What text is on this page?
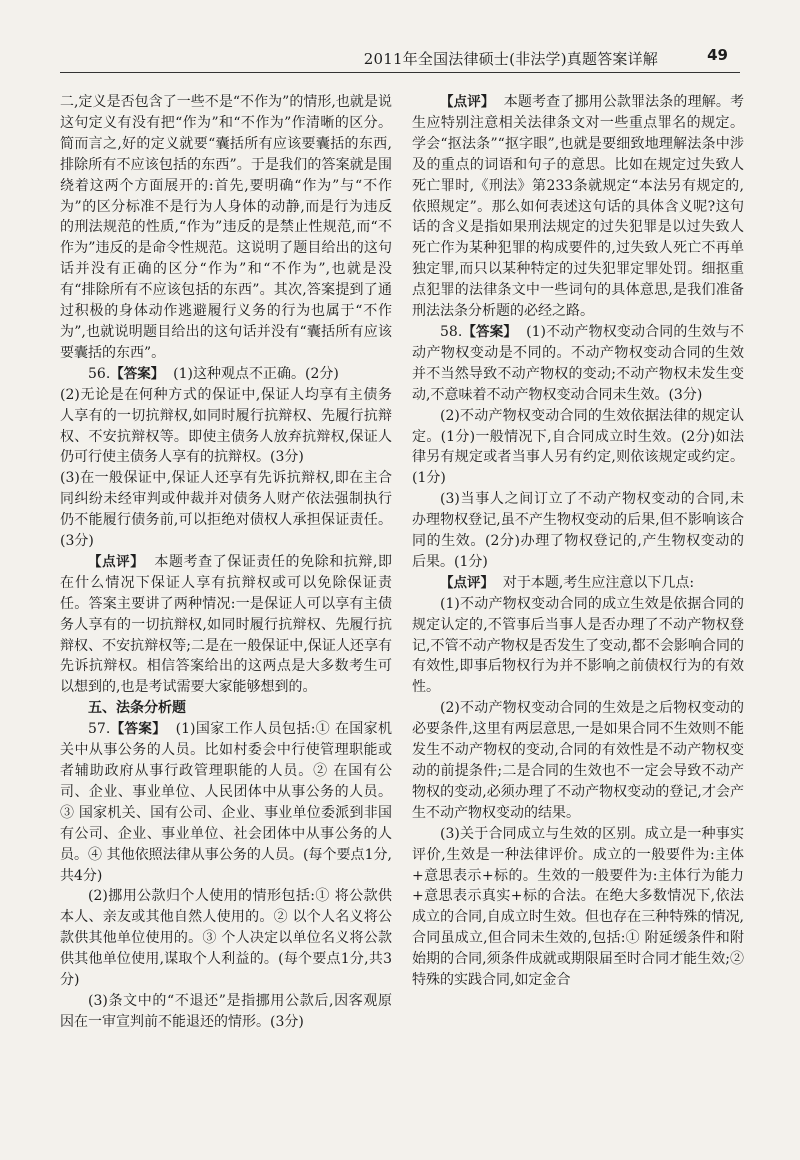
2011年全国法律硕士(非法学)真题答案详解	49

二,定义是否包含了一些不是“不作为”的情形,也就是说这句定义有没有把“作为”和“不作为”作清晰的区分。简而言之,好的定义就要“囊括所有应该要囊括的东西,排除所有不应该包括的东西”。于是我们的答案就是围绕着这两个方面展开的:首先,要明确“作为”与“不作为”的区分标准不是行为人身体的动静,而是行为违反的刑法规范的性质,“作为”违反的是禁止性规范,而“不作为”违反的是命令性规范。这说明了题目给出的这句话并没有正确的区分“作为”和“不作为”,也就是没有“排除所有不应该包括的东西”。其次,答案提到了通过积极的身体动作逃避履行义务的行为也属于“不作为”,也就说明题目给出的这句话并没有“囊括所有应该要囊括的东西”。

56.【答案】 (1)这种观点不正确。(2分)

(2)无论是在何种方式的保证中,保证人均享有主债务人享有的一切抗辩权,如同时履行抗辩权、先履行抗辩权、不安抗辩权等。即使主债务人放弃抗辩权,保证人仍可行使主债务人享有的抗辩权。(3分)

(3)在一般保证中,保证人还享有先诉抗辩权,即在主合同纠纷未经审判或仲裁并对债务人财产依法强制执行仍不能履行债务前,可以拒绝对债权人承担保证责任。(3分)

【点评】 本题考查了保证责任的免除和抗辩,即在什么情况下保证人享有抗辩权或可以免除保证责任。答案主要讲了两种情况:一是保证人可以享有主债务人享有的一切抗辩权,如同时履行抗辩权、先履行抗辩权、不安抗辩权等;二是在一般保证中,保证人还享有先诉抗辩权。相信答案给出的这两点是大多数考生可以想到的,也是考试需要大家能够想到的。

五、法条分析题

57.【答案】 (1)国家工作人员包括:① 在国家机关中从事公务的人员。比如村委会中行使管理职能或者辅助政府从事行政管理职能的人员。② 在国有公司、企业、事业单位、人民团体中从事公务的人员。③ 国家机关、国有公司、企业、事业单位委派到非国有公司、企业、事业单位、社会团体中从事公务的人员。④ 其他依照法律从事公务的人员。(每个要点1分,共4分)

(2)挪用公款归个人使用的情形包括:① 将公款供本人、亲友或其他自然人使用的。② 以个人名义将公款供其他单位使用的。③ 个人决定以单位名义将公款供其他单位使用,谋取个人利益的。(每个要点1分,共3分)

(3)条文中的“不退还”是指挪用公款后,因客观原因在一审宣判前不能退还的情形。(3分)

【点评】 本题考查了挪用公款罪法条的理解。考生应特别注意相关法律条文对一些重点罪名的规定。学会“抠法条”“抠字眼”,也就是要细致地理解法条中涉及的重点的词语和句子的意思。比如在规定过失致人死亡罪时,《刑法》第233条就规定“本法另有规定的,依照规定”。那么如何表述这句话的具体含义呢?这句话的含义是指如果刑法规定的过失犯罪是以过失致人死亡作为某种犯罪的构成要件的,过失致人死亡不再单独定罪,而只以某种特定的过失犯罪定罪处罚。细抠重点犯罪的法律条文中一些词句的具体意思,是我们准备刑法法条分析题的必经之路。

58.【答案】 (1)不动产物权变动合同的生效与不动产物权变动是不同的。不动产物权变动合同的生效并不当然导致不动产物权的变动;不动产物权未发生变动,不意味着不动产物权变动合同未生效。(3分)

(2)不动产物权变动合同的生效依据法律的规定认定。(1分)一般情况下,自合同成立时生效。(2分)如法律另有规定或者当事人另有约定,则依该规定或约定。(1分)

(3)当事人之间订立了不动产物权变动的合同,未办理物权登记,虽不产生物权变动的后果,但不影响该合同的生效。(2分)办理了物权登记的,产生物权变动的后果。(1分)

【点评】 对于本题,考生应注意以下几点:

(1)不动产物权变动合同的成立生效是依据合同的规定认定的,不管事后当事人是否办理了不动产物权登记,不管不动产物权是否发生了变动,都不会影响合同的有效性,即事后物权行为并不影响之前债权行为的有效性。

(2)不动产物权变动合同的生效是之后物权变动的必要条件,这里有两层意思,一是如果合同不生效则不能发生不动产物权的变动,合同的有效性是不动产物权变动的前提条件;二是合同的生效也不一定会导致不动产物权的变动,必须办理了不动产物权变动的登记,才会产生不动产物权变动的结果。

(3)关于合同成立与生效的区别。成立是一种事实评价,生效是一种法律评价。成立的一般要件为:主体+意思表示+标的。生效的一般要件为:主体行为能力+意思表示真实+标的合法。在绝大多数情况下,依法成立的合同,自成立时生效。但也存在三种特殊的情况,合同虽成立,但合同未生效的,包括:① 附延缓条件和附始期的合同,须条件成就或期限届至时合同才能生效;② 特殊的实践合同,如定金合
